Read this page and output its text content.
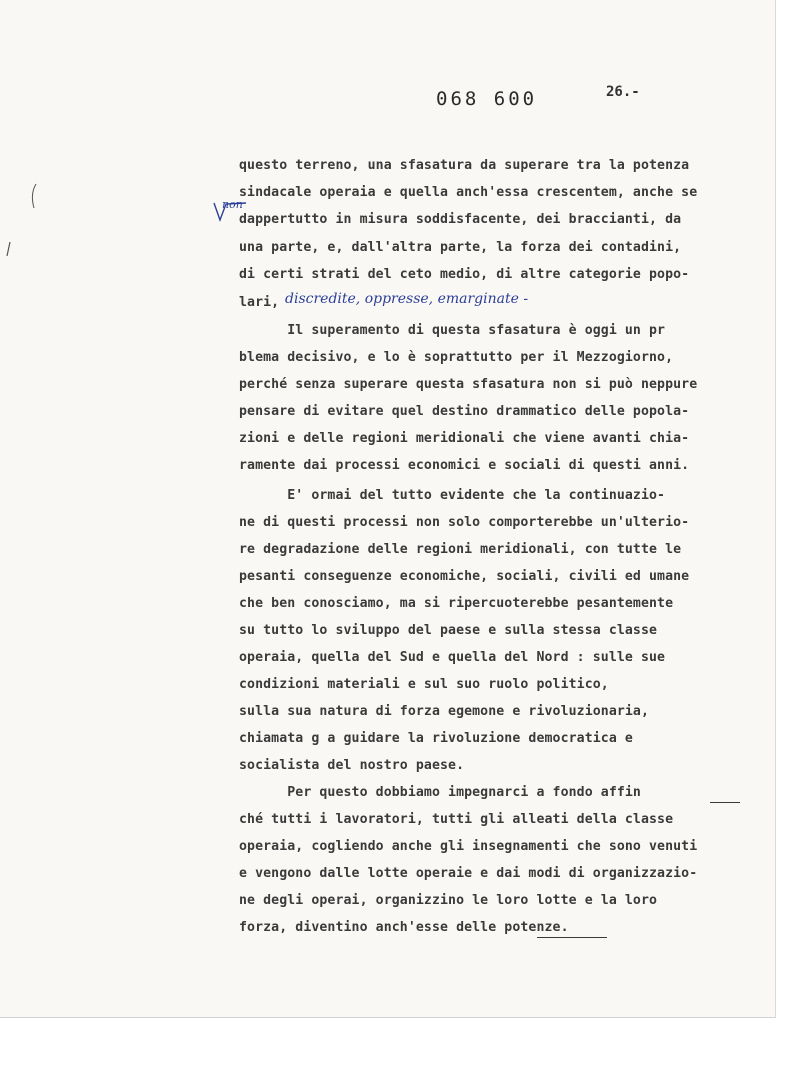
068 600	26.-
questo terreno, una sfasatura da superare tra la potenza
sindacale operaia e quella anch'essa crescentem, anche se
dappertutto in misura soddisfacente, dei braccianti, da
una parte, e, dall'altra parte, la forza dei contadini,
di certi strati del ceto medio, di altre categorie popo-
lari,
Il superamento di questa sfasatura è oggi un pr
blema decisivo, e lo è soprattutto per il Mezzogiorno,
perché senza superare questa sfasatura non si può neppure
pensare di evitare quel destino drammatico delle popola-
zioni e delle regioni meridionali che viene avanti chia-
ramente dai processi economici e sociali di questi anni.
E' ormai del tutto evidente che la continuazio-
ne di questi processi non solo comporterebbe un'ulterio-
re degradazione delle regioni meridionali, con tutte le
pesanti conseguenze economiche, sociali, civili ed umane
che ben conosciamo, ma si ripercuoterebbe pesantemente
su tutto lo sviluppo del paese e sulla stessa classe
operaia, quella del Sud e quella del Nord : sulle sue
condizioni materiali e sul suo ruolo politico,
sulla sua natura di forza egemone e rivoluzionaria,
chiamata g a guidare la rivoluzione democratica e
socialista del nostro paese.
Per questo dobbiamo impegnarci a fondo affin
ché tutti i lavoratori, tutti gli alleati della classe
operaia, cogliendo anche gli insegnamenti che sono venuti
e vengono dalle lotte operaie e dai modi di organizzazio-
ne degli operai, organizzino le loro lotte e la loro
forza, diventino anch'esse delle potenze.
non
discredite, oppresse, emarginate -
